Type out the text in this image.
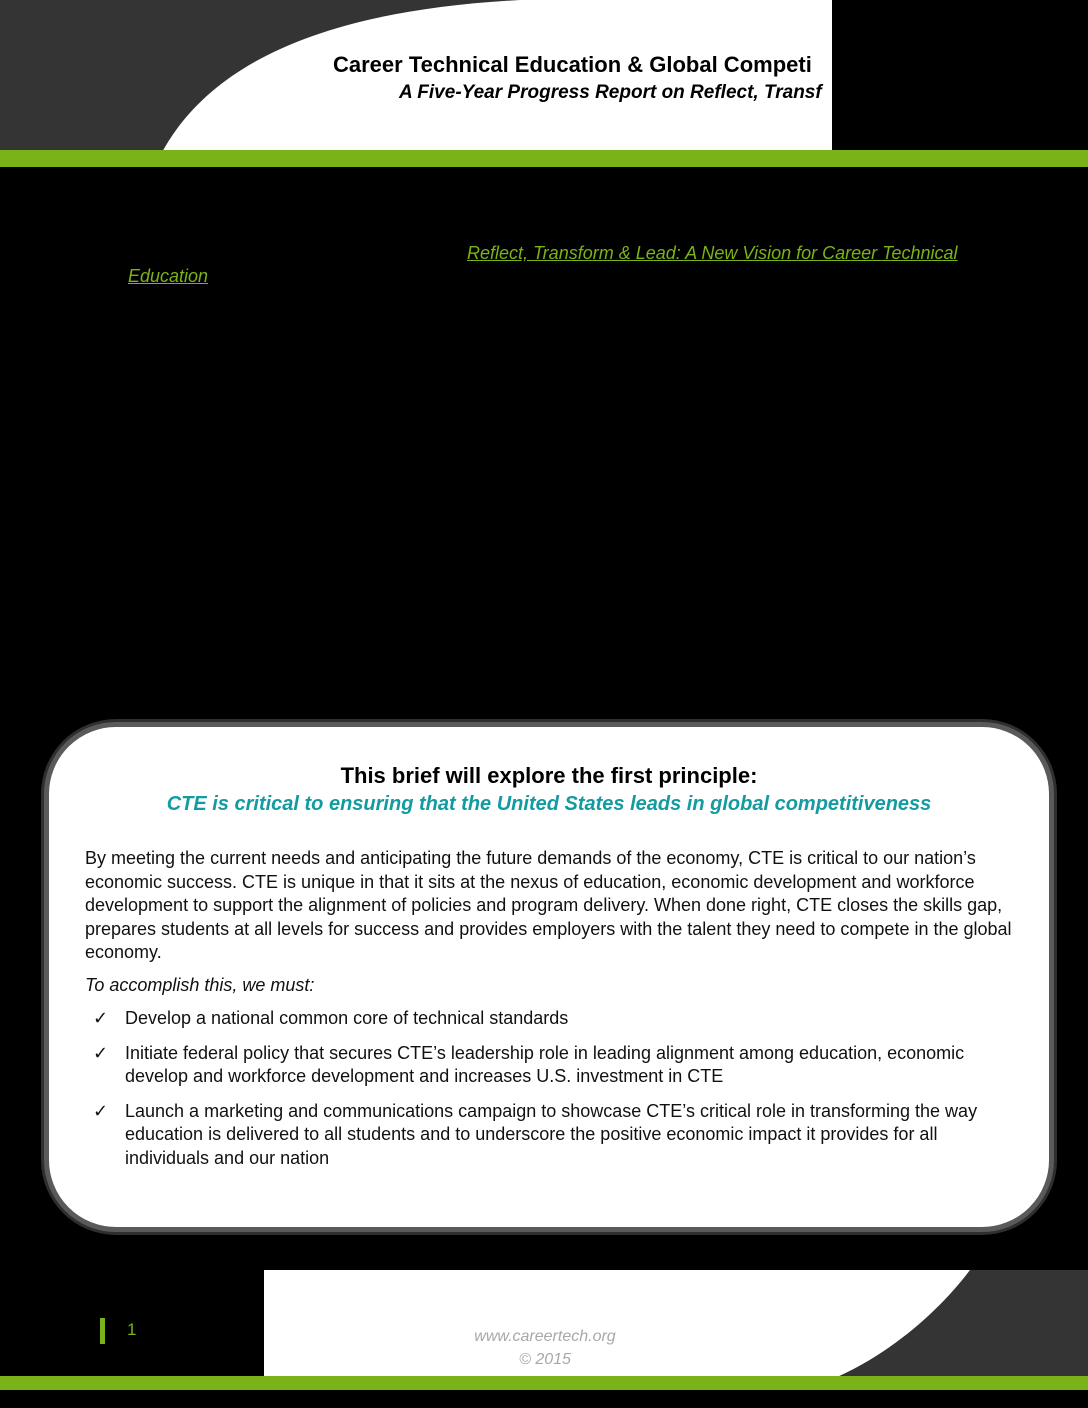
Career Technical Education & Global Competi
A Five-Year Progress Report on Reflect, Transf
Reflect, Transform & Lead: A New Vision for Career Technical
Education
This brief will explore the first principle:
CTE is critical to ensuring that the United States leads in global competitiveness
By meeting the current needs and anticipating the future demands of the economy, CTE is critical to our nation’s economic success. CTE is unique in that it sits at the nexus of education, economic development and workforce development to support the alignment of policies and program delivery. When done right, CTE closes the skills gap, prepares students at all levels for success and provides employers with the talent they need to compete in the global economy.
To accomplish this, we must:
✓ Develop a national common core of technical standards
✓ Initiate federal policy that secures CTE’s leadership role in leading alignment among education, economic develop and workforce development and increases U.S. investment in CTE
✓ Launch a marketing and communications campaign to showcase CTE’s critical role in transforming the way education is delivered to all students and to underscore the positive economic impact it provides for all individuals and our nation
1	www.careertech.org
© 2015
